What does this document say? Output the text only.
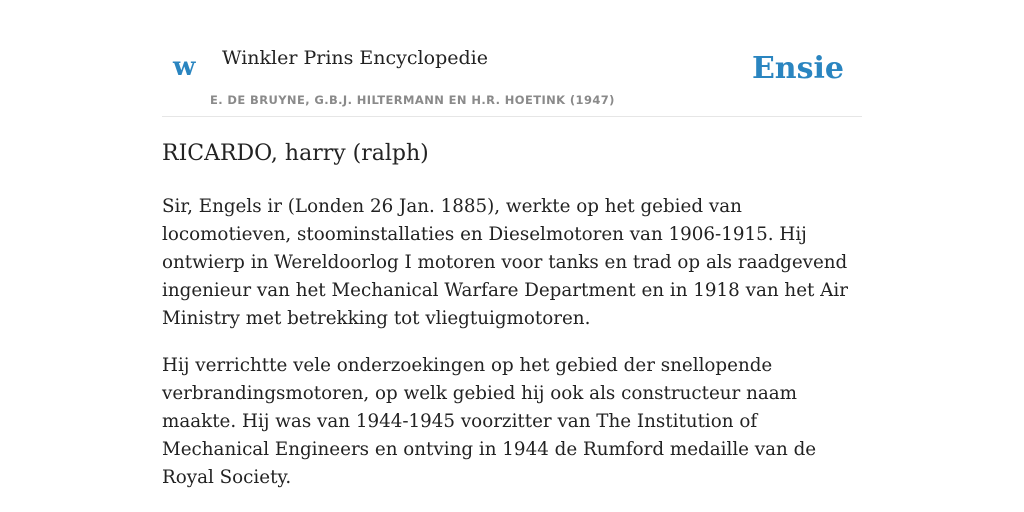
w Winkler Prins Encyclopedie
E. DE BRUYNE, G.B.J. HILTERMANN EN H.R. HOETINK (1947)
Ensie
RICARDO, harry (ralph)

Sir, Engels ir (Londen 26 Jan. 1885), werkte op het gebied van locomotieven, stoominstallaties en Dieselmotoren van 1906-1915. Hij ontwierp in Wereldoorlog I motoren voor tanks en trad op als raadgevend ingenieur van het Mechanical Warfare Department en in 1918 van het Air Ministry met betrekking tot vliegtuigmotoren.

Hij verrichtte vele onderzoekingen op het gebied der snellopende verbrandingsmotoren, op welk gebied hij ook als constructeur naam maakte. Hij was van 1944-1945 voorzitter van The Institution of Mechanical Engineers en ontving in 1944 de Rumford medaille van de Royal Society.
